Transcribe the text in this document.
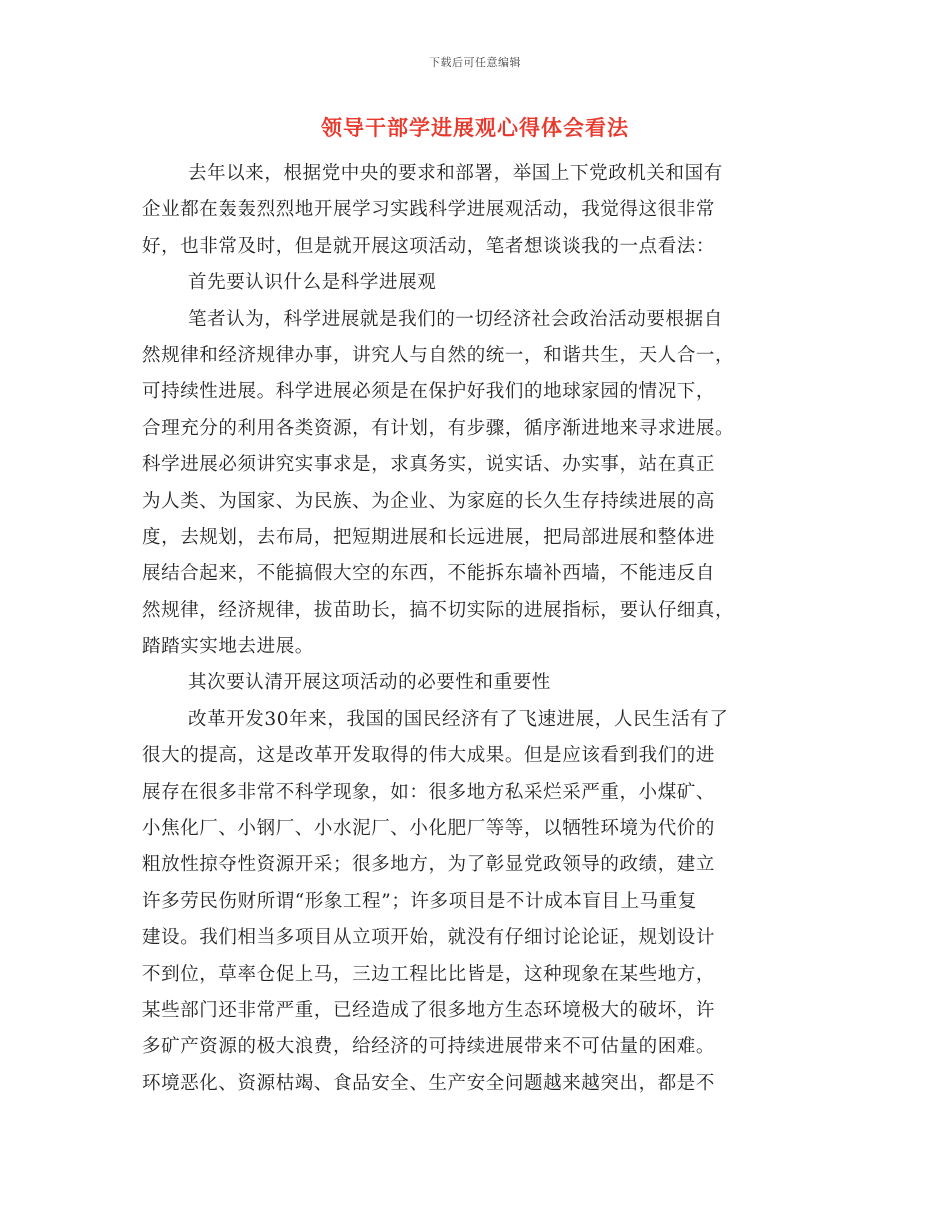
下载后可任意编辑
领导干部学进展观心得体会看法
去年以来，根据党中央的要求和部署，举国上下党政机关和国有
企业都在轰轰烈烈地开展学习实践科学进展观活动，我觉得这很非常
好，也非常及时，但是就开展这项活动，笔者想谈谈我的一点看法：
首先要认识什么是科学进展观
笔者认为，科学进展就是我们的一切经济社会政治活动要根据自
然规律和经济规律办事，讲究人与自然的统一，和谐共生，天人合一，
可持续性进展。科学进展必须是在保护好我们的地球家园的情况下，
合理充分的利用各类资源，有计划，有步骤，循序渐进地来寻求进展。
科学进展必须讲究实事求是，求真务实，说实话、办实事，站在真正
为人类、为国家、为民族、为企业、为家庭的长久生存持续进展的高
度，去规划，去布局，把短期进展和长远进展，把局部进展和整体进
展结合起来，不能搞假大空的东西，不能拆东墙补西墙，不能违反自
然规律，经济规律，拔苗助长，搞不切实际的进展指标，要认仔细真，
踏踏实实地去进展。
其次要认清开展这项活动的必要性和重要性
改革开发30年来，我国的国民经济有了飞速进展，人民生活有了
很大的提高，这是改革开发取得的伟大成果。但是应该看到我们的进
展存在很多非常不科学现象，如：很多地方私采烂采严重，小煤矿、
小焦化厂、小钢厂、小水泥厂、小化肥厂等等，以牺牲环境为代价的
粗放性掠夺性资源开采；很多地方，为了彰显党政领导的政绩，建立
许多劳民伤财所谓“形象工程”；许多项目是不计成本盲目上马重复
建设。我们相当多项目从立项开始，就没有仔细讨论论证，规划设计
不到位，草率仓促上马，三边工程比比皆是，这种现象在某些地方，
某些部门还非常严重，已经造成了很多地方生态环境极大的破坏，许
多矿产资源的极大浪费，给经济的可持续进展带来不可估量的困难。
环境恶化、资源枯竭、食品安全、生产安全问题越来越突出，都是不
